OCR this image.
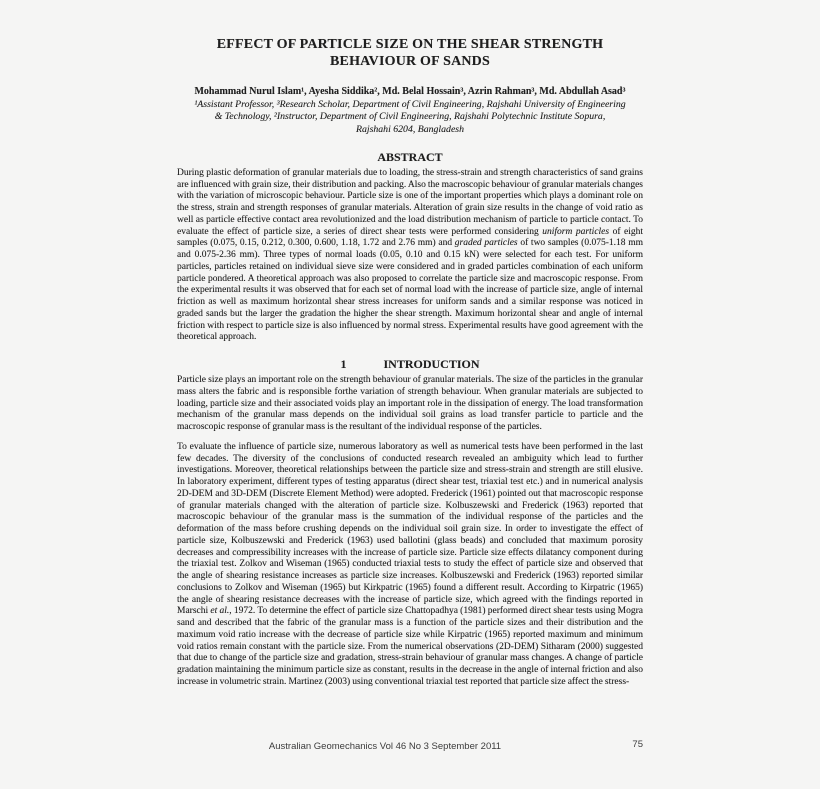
EFFECT OF PARTICLE SIZE ON THE SHEAR STRENGTH
BEHAVIOUR OF SANDS
Mohammad Nurul Islam¹, Ayesha Siddika², Md. Belal Hossain³, Azrin Rahman³, Md. Abdullah Asad³
¹Assistant Professor, ³Research Scholar, Department of Civil Engineering, Rajshahi University of Engineering
& Technology, ²Instructor, Department of Civil Engineering, Rajshahi Polytechnic Institute Sopura,
Rajshahi 6204, Bangladesh
ABSTRACT
During plastic deformation of granular materials due to loading, the stress-strain and strength characteristics of sand grains are influenced with grain size, their distribution and packing. Also the macroscopic behaviour of granular materials changes with the variation of microscopic behaviour. Particle size is one of the important properties which plays a dominant role on the stress, strain and strength responses of granular materials. Alteration of grain size results in the change of void ratio as well as particle effective contact area revolutionized and the load distribution mechanism of particle to particle contact. To evaluate the effect of particle size, a series of direct shear tests were performed considering uniform particles of eight samples (0.075, 0.15, 0.212, 0.300, 0.600, 1.18, 1.72 and 2.76 mm) and graded particles of two samples (0.075-1.18 mm and 0.075-2.36 mm). Three types of normal loads (0.05, 0.10 and 0.15 kN) were selected for each test. For uniform particles, particles retained on individual sieve size were considered and in graded particles combination of each uniform particle pondered. A theoretical approach was also proposed to correlate the particle size and macroscopic response. From the experimental results it was observed that for each set of normal load with the increase of particle size, angle of internal friction as well as maximum horizontal shear stress increases for uniform sands and a similar response was noticed in graded sands but the larger the gradation the higher the shear strength. Maximum horizontal shear and angle of internal friction with respect to particle size is also influenced by normal stress. Experimental results have good agreement with the theoretical approach.
1	INTRODUCTION
Particle size plays an important role on the strength behaviour of granular materials. The size of the particles in the granular mass alters the fabric and is responsible forthe variation of strength behaviour. When granular materials are subjected to loading, particle size and their associated voids play an important role in the dissipation of energy. The load transformation mechanism of the granular mass depends on the individual soil grains as load transfer particle to particle and the macroscopic response of granular mass is the resultant of the individual response of the particles.
To evaluate the influence of particle size, numerous laboratory as well as numerical tests have been performed in the last few decades. The diversity of the conclusions of conducted research revealed an ambiguity which lead to further investigations. Moreover, theoretical relationships between the particle size and stress-strain and strength are still elusive. In laboratory experiment, different types of testing apparatus (direct shear test, triaxial test etc.) and in numerical analysis 2D-DEM and 3D-DEM (Discrete Element Method) were adopted. Frederick (1961) pointed out that macroscopic response of granular materials changed with the alteration of particle size. Kolbuszewski and Frederick (1963) reported that macroscopic behaviour of the granular mass is the summation of the individual response of the particles and the deformation of the mass before crushing depends on the individual soil grain size. In order to investigate the effect of particle size, Kolbuszewski and Frederick (1963) used ballotini (glass beads) and concluded that maximum porosity decreases and compressibility increases with the increase of particle size. Particle size effects dilatancy component during the triaxial test. Zolkov and Wiseman (1965) conducted triaxial tests to study the effect of particle size and observed that the angle of shearing resistance increases as particle size increases. Kolbuszewski and Frederick (1963) reported similar conclusions to Zolkov and Wiseman (1965) but Kirkpatric (1965) found a different result. According to Kirpatric (1965) the angle of shearing resistance decreases with the increase of particle size, which agreed with the findings reported in Marschi et al., 1972. To determine the effect of particle size Chattopadhya (1981) performed direct shear tests using Mogra sand and described that the fabric of the granular mass is a function of the particle sizes and their distribution and the maximum void ratio increase with the decrease of particle size while Kirpatric (1965) reported maximum and minimum void ratios remain constant with the particle size. From the numerical observations (2D-DEM) Sitharam (2000) suggested that due to change of the particle size and gradation, stress-strain behaviour of granular mass changes. A change of particle gradation maintaining the minimum particle size as constant, results in the decrease in the angle of internal friction and also increase in volumetric strain. Martinez (2003) using conventional triaxial test reported that particle size affect the stress-
Australian Geomechanics Vol 46 No 3 September 2011	75
